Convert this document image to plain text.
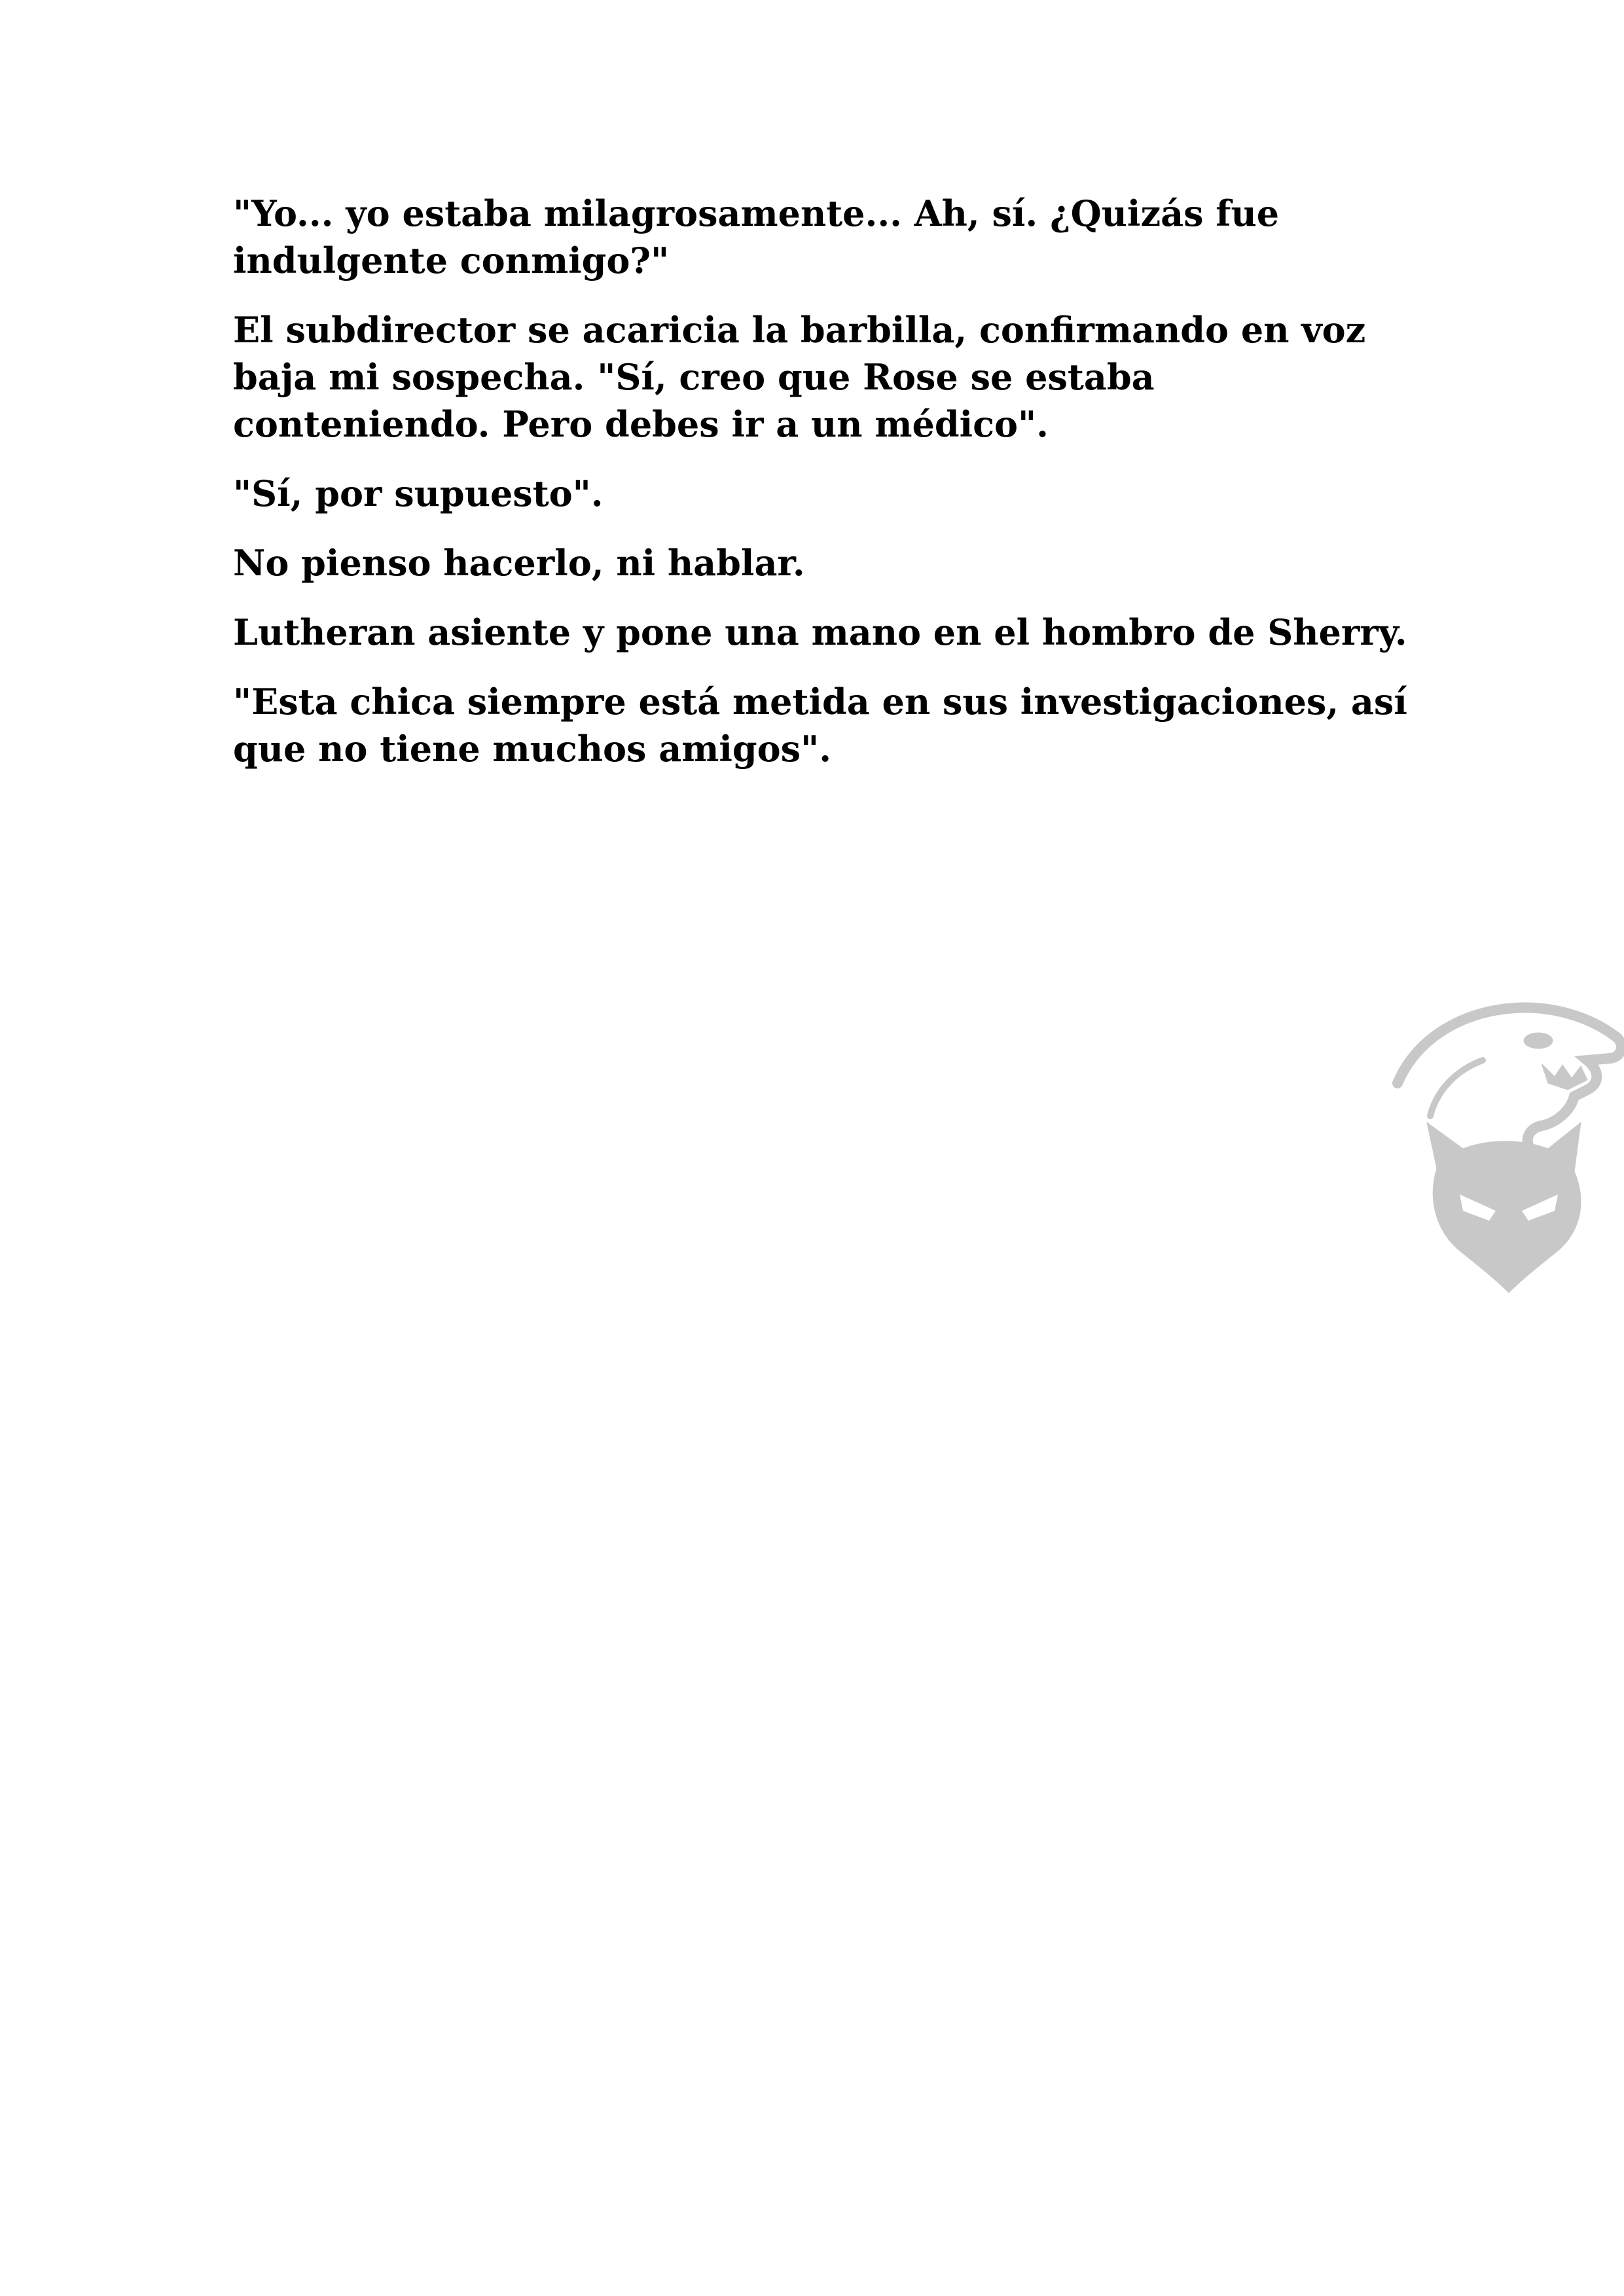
"Yo... yo estaba milagrosamente... Ah, sí. ¿Quizás fue indulgente conmigo?"

El subdirector se acaricia la barbilla, confirmando en voz baja mi sospecha. "Sí, creo que Rose se estaba conteniendo. Pero debes ir a un médico".

"Sí, por supuesto".

No pienso hacerlo, ni hablar.

Lutheran asiente y pone una mano en el hombro de Sherry.

"Esta chica siempre está metida en sus investigaciones, así que no tiene muchos amigos".
